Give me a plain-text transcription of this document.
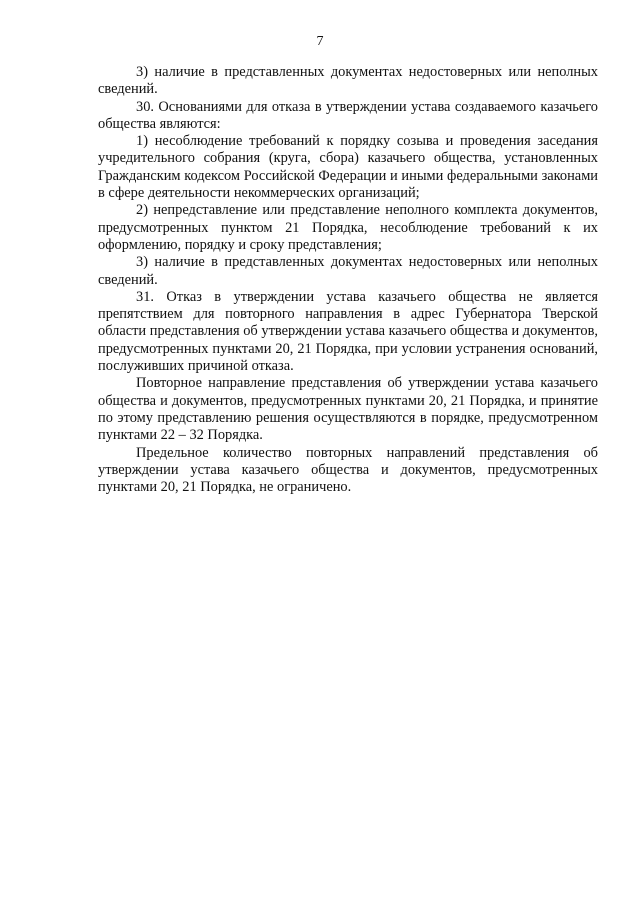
7

3) наличие в представленных документах недостоверных или неполных сведений.

30. Основаниями для отказа в утверждении устава создаваемого казачьего общества являются:

1) несоблюдение требований к порядку созыва и проведения заседания учредительного собрания (круга, сбора) казачьего общества, установленных Гражданским кодексом Российской Федерации и иными федеральными законами в сфере деятельности некоммерческих организаций;

2) непредставление или представление неполного комплекта документов, предусмотренных пунктом 21 Порядка, несоблюдение требований к их оформлению, порядку и сроку представления;

3) наличие в представленных документах недостоверных или неполных сведений.

31. Отказ в утверждении устава казачьего общества не является препятствием для повторного направления в адрес Губернатора Тверской области представления об утверждении устава казачьего общества и документов, предусмотренных пунктами 20, 21 Порядка, при условии устранения оснований, послуживших причиной отказа.

Повторное направление представления об утверждении устава казачьего общества и документов, предусмотренных пунктами 20, 21 Порядка, и принятие по этому представлению решения осуществляются в порядке, предусмотренном пунктами 22 – 32 Порядка.

Предельное количество повторных направлений представления об утверждении устава казачьего общества и документов, предусмотренных пунктами 20, 21 Порядка, не ограничено.
